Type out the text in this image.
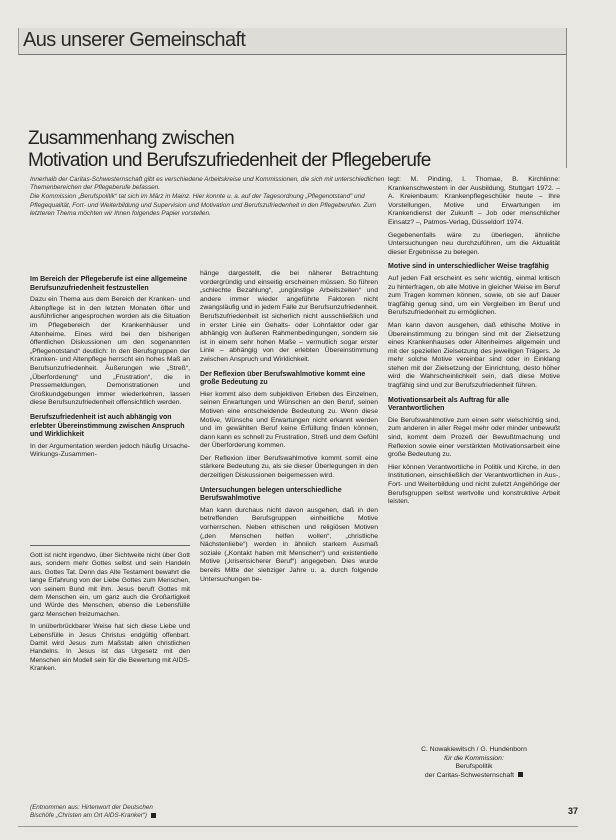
Aus unserer Gemeinschaft
Zusammenhang zwischen
Motivation und Berufszufriedenheit der Pflegeberufe

Innerhalb der Caritas-Schwesternschaft gibt es verschiedene Arbeitskreise und Kommissionen, die sich mit unterschiedlichen Themenbereichen der Pflegeberufe befassen.

Die Kommission „Berufspolitik“ tat sich im März in Mainz. Hier konnte u. a. auf der Tagesordnung „Pflegenotstand“ und Pflegequalität, Fort- und Weiterbildung und Supervision und Motivation und Berufszufriedenheit in den Pflegeberufen. Zum letzteren Thema möchten wir Ihnen folgendes Papier vorstellen.

Im Bereich der Pflegeberufe ist eine allgemeine Berufsunzufriedenheit festzustellen

Dazu ein Thema aus dem Bereich der Kranken- und Altenpflege ist in den letzten Monaten öfter und ausführlicher angesprochen worden als die Situation im Pflegebereich der Krankenhäuser und Altenheime. Eines wird bei den bisherigen öffentlichen Diskussionen um den sogenannten „Pflegenotstand“ deutlich: In den Berufsgruppen der Kranken- und Altenpflege herrscht ein hohes Maß an Berufsunzufriedenheit. Äußerungen wie „Streß“, „Überforderung“ und „Frustration“, die in Pressemeldungen, Demonstrationen und Großkundgebungen immer wiederkehren, lassen diese Berufsunzufriedenheit offensichtlich werden.

Berufszufriedenheit ist auch abhängig von erlebter Übereinstimmung zwischen Anspruch und Wirklichkeit

In der Argumentation werden jedoch häufig Ursache-Wirkungs-Zusammen-

Gott ist nicht irgendwo, über Sichtweite nicht über Gott aus, sondern mehr Gottes selbst und sein Handeln aus. Gottes Tat. Denn das Alte Testament bewahrt die lange Erfahrung von der Liebe Gottes zum Menschen, von seinem Bund mit ihm. Jesus beruft Gottes mit dem Menschen ein, um ganz auch die Großartigkeit und Würde des Menschen, ebenso die Lebensfülle ganz Menschen freizumachen.

In unüberbrückbarer Weise hat sich diese Liebe und Lebensfülle in Jesus Christus endgültig offenbart. Damit wird Jesus zum Maßstab allen christlichen Handelns. In Jesus ist das Urgesetz mit den Menschen ein Modell sein für die Bewertung mit AIDS-Kranken.

(Entnommen aus: Hirtenwort der Deutschen Bischöfe „Christen am Ort AIDS-Kranker“)

hänge dargestellt, die bei näherer Betrachtung vordergründig und einseitig erscheinen müssen. So führen „schlechte Bezahlung“, „ungünstige Arbeitszeiten“ und andere immer wieder angeführte Faktoren nicht zwangsläufig und in jedem Falle zur Berufsunzufriedenheit. Berufszufriedenheit ist sicherlich nicht ausschließlich und in erster Linie ein Gehalts- oder Lohnfaktor oder gar abhängig von äußeren Rahmenbedingungen, sondern sie ist in einem sehr hohen Maße – vermutlich sogar erster Linie – abhängig von der erlebten Übereinstimmung zwischen Anspruch und Wirklichkeit.

Der Reflexion über Berufswahlmotive kommt eine große Bedeutung zu

Hier kommt also dem subjektiven Erleben des Einzelnen, seinen Erwartungen und Wünschen an den Beruf, seinen Motiven eine entscheidende Bedeutung zu. Wenn diese Motive, Wünsche und Erwartungen nicht erkannt werden und im gewählten Beruf keine Erfüllung finden können, dann kann es schnell zu Frustration, Streß und dem Gefühl der Überforderung kommen.

Der Reflexion über Berufswahlmotive kommt somit eine stärkere Bedeutung zu, als sie dieser Überlegungen in den derzeitigen Diskussionen beigemessen wird.

Untersuchungen belegen unterschiedliche Berufswahlmotive

Man kann durchaus nicht davon ausgehen, daß in den betreffenden Berufsgruppen einheitliche Motive vorherrschen. Neben ethischen und religiösen Motiven („den Menschen helfen wollen“, „christliche Nächstenliebe“) werden in ähnlich starkem Ausmaß soziale („Kontakt haben mit Menschen“) und existentielle Motive („krisensicherer Beruf“) angegeben. Dies wurde bereits Mitte der siebziger Jahre u. a. durch folgende Untersuchungen be-

legt: M. Pinding, I. Thomae, B. Kirchlinne: Krankenschwestern in der Ausbildung, Stuttgart 1972. – A. Kreienbaum: Krankenpflegeschüler heute – Ihre Vorstellungen, Motive und Erwartungen im Krankendienst der Zukunft – Job oder menschlicher Einsatz? –, Patmos-Verlag, Düsseldorf 1974.

Gegebenenfalls wäre zu überlegen, ähnliche Untersuchungen neu durchzuführen, um die Aktualität dieser Ergebnisse zu belegen.

Motive sind in unterschiedlicher Weise tragfähig

Auf jeden Fall erscheint es sehr wichtig, einmal kritisch zu hinterfragen, ob alle Motive in gleicher Weise im Beruf zum Tragen kommen können, sowie, ob sie auf Dauer tragfähig genug sind, um ein Vergleiben im Beruf und Berufszufriedenheit zu ermöglichen.

Man kann davon ausgehen, daß ethische Motive in Übereinstimmung zu bringen sind mit der Zielsetzung eines Krankenhauses oder Altenheimes allgemein und mit der speziellen Zielsetzung des jeweiligen Trägers. Je mehr solche Motive vereinbar sind oder in Einklang stehen mit der Zielsetzung der Einrichtung, desto höher wird die Wahrscheinlichkeit sein, daß diese Motive tragfähig sind und zur Berufszufriedenheit führen.

Motivationsarbeit als Auftrag für alle Verantwortlichen

Die Berufswahlmotive zum einen sehr vielschichtig sind, zum anderen in aller Regel mehr oder minder unbewußt sind, kommt dem Prozeß der Bewußtmachung und Reflexion sowie einer verstärkten Motivationsarbeit eine große Bedeutung zu.

Hier können Verantwortliche in Politik und Kirche, in den Institutionen, einschließlich der Verantwortlichen in Aus-, Fort- und Weiterbildung und nicht zuletzt Angehörige der Berufsgruppen selbst wertvolle und konstruktive Arbeit leisten.

C. Nowakiewitsch / G. Hundenborn
für die Kommission:
Berufspolitik
der Caritas-Schwesternschaft
37
